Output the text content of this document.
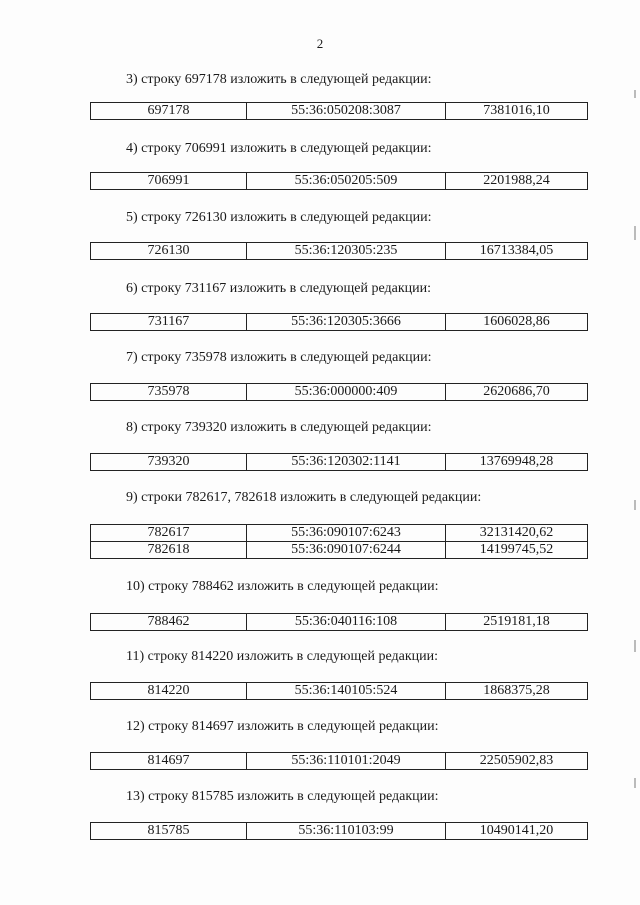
2
3) строку 697178 изложить в следующей редакции:
697178	55:36:050208:3087	7381016,10
4) строку 706991 изложить в следующей редакции:
706991	55:36:050205:509	2201988,24
5) строку 726130 изложить в следующей редакции:
726130	55:36:120305:235	16713384,05
6) строку 731167 изложить в следующей редакции:
731167	55:36:120305:3666	1606028,86
7) строку 735978 изложить в следующей редакции:
735978	55:36:000000:409	2620686,70
8) строку 739320 изложить в следующей редакции:
739320	55:36:120302:1141	13769948,28
9) строки 782617, 782618 изложить в следующей редакции:
782617	55:36:090107:6243	32131420,62
782618	55:36:090107:6244	14199745,52
10) строку 788462 изложить в следующей редакции:
788462	55:36:040116:108	2519181,18
11) строку 814220 изложить в следующей редакции:
814220	55:36:140105:524	1868375,28
12) строку 814697 изложить в следующей редакции:
814697	55:36:110101:2049	22505902,83
13) строку 815785 изложить в следующей редакции:
815785	55:36:110103:99	10490141,20
